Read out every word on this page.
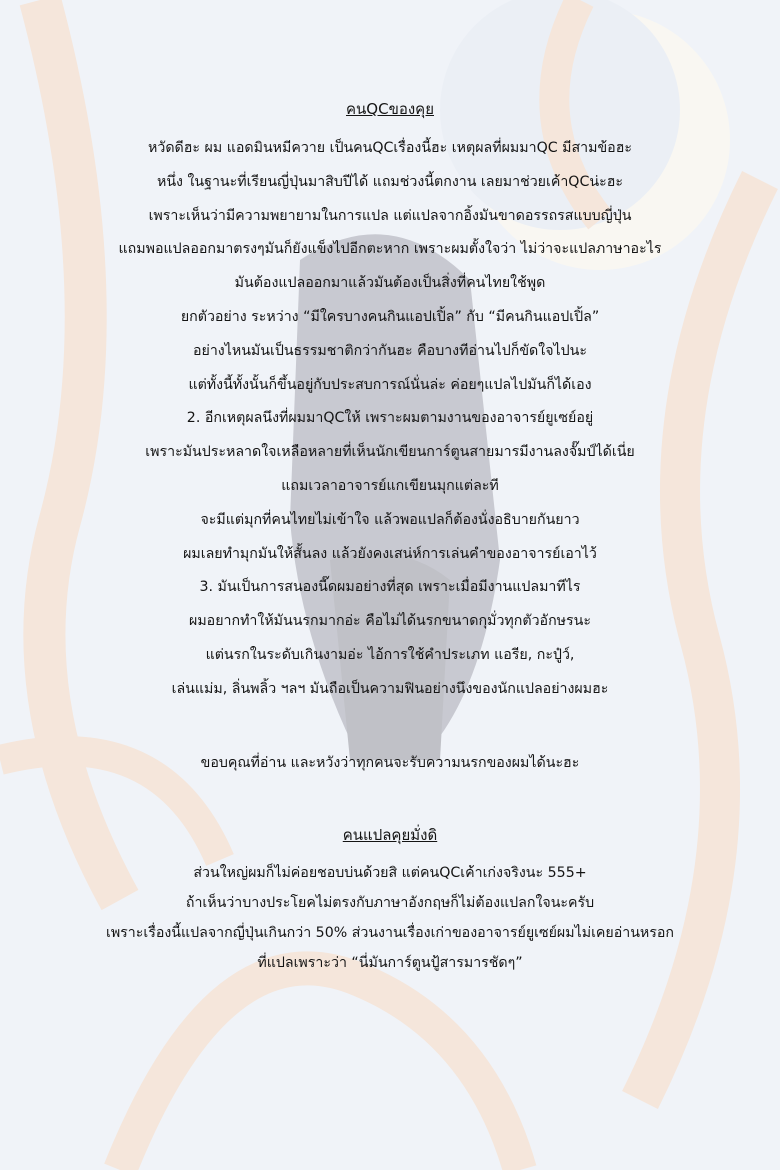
คนQCของคุย
หวัดดีฮะ ผม แอดมินหมีควาย เป็นคนQCเรื่องนี้ฮะ เหตุผลที่ผมมาQC มีสามข้อฮะ
หนึ่ง ในฐานะที่เรียนญี่ปุ่นมาสิบปีได้ แถมช่วงนี้ตกงาน เลยมาช่วยเค้าQCน่ะฮะ
เพราะเห็นว่ามีความพยายามในการแปล แต่แปลจากอิ้งมันขาดอรรถรสแบบญี่ปุ่น
แถมพอแปลออกมาตรงๆมันก็ยังแข็งไปอีกตะหาก เพราะผมตั้งใจว่า ไม่ว่าจะแปลภาษาอะไร
มันต้องแปลออกมาแล้วมันต้องเป็นสิ่งที่คนไทยใช้พูด
ยกตัวอย่าง ระหว่าง “มีใครบางคนกินแอปเปิ้ล” กับ “มีคนกินแอปเปิ้ล”
อย่างไหนมันเป็นธรรมชาติกว่ากันฮะ คือบางทีอ่านไปก็ขัดใจไปนะ
แต่ทั้งนี้ทั้งนั้นก็ขึ้นอยู่กับประสบการณ์นั่นล่ะ ค่อยๆแปลไปมันก็ได้เอง
2. อีกเหตุผลนึงที่ผมมาQCให้ เพราะผมตามงานของอาจารย์ยูเซย์อยู่
เพราะมันประหลาดใจเหลือหลายที่เห็นนักเขียนการ์ตูนสายมารมีงานลงจั๊มป์ได้เนี่ย
แถมเวลาอาจารย์แกเขียนมุกแต่ละที
จะมีแต่มุกที่คนไทยไม่เข้าใจ แล้วพอแปลก็ต้องนั่งอธิบายกันยาว
ผมเลยทำมุกมันให้สั้นลง แล้วยังคงเสน่ห์การเล่นคำของอาจารย์เอาไว้
3. มันเป็นการสนองนี๊ดผมอย่างที่สุด เพราะเมื่อมีงานแปลมาทีไร
ผมอยากทำให้มันนรกมากอ่ะ คือไม่ได้นรกขนาดกุมั่วทุกตัวอักษรนะ
แต่นรกในระดับเกินงามอ่ะ ไอ้การใช้คำประเภท แอรีย, กะปู๋ว์,
เล่นแม่ม, ลิ่นพลิ้ว ฯลฯ มันถือเป็นความฟินอย่างนึงของนักแปลอย่างผมฮะ
ขอบคุณที่อ่าน และหวังว่าทุกคนจะรับความนรกของผมได้นะฮะ
คนแปลคุยมั่งดิ
ส่วนใหญ่ผมก็ไม่ค่อยชอบบ่นด้วยสิ แต่คนQCเค้าเก่งจริงนะ 555+
ถ้าเห็นว่าบางประโยคไม่ตรงกับภาษาอังกฤษก็ไม่ต้องแปลกใจนะครับ
เพราะเรื่องนี้แปลจากญี่ปุ่นเกินกว่า 50% ส่วนงานเรื่องเก่าของอาจารย์ยูเซย์ผมไม่เคยอ่านหรอก
ที่แปลเพราะว่า “นี่มันการ์ตูนปู้สารมารชัดๆ”
